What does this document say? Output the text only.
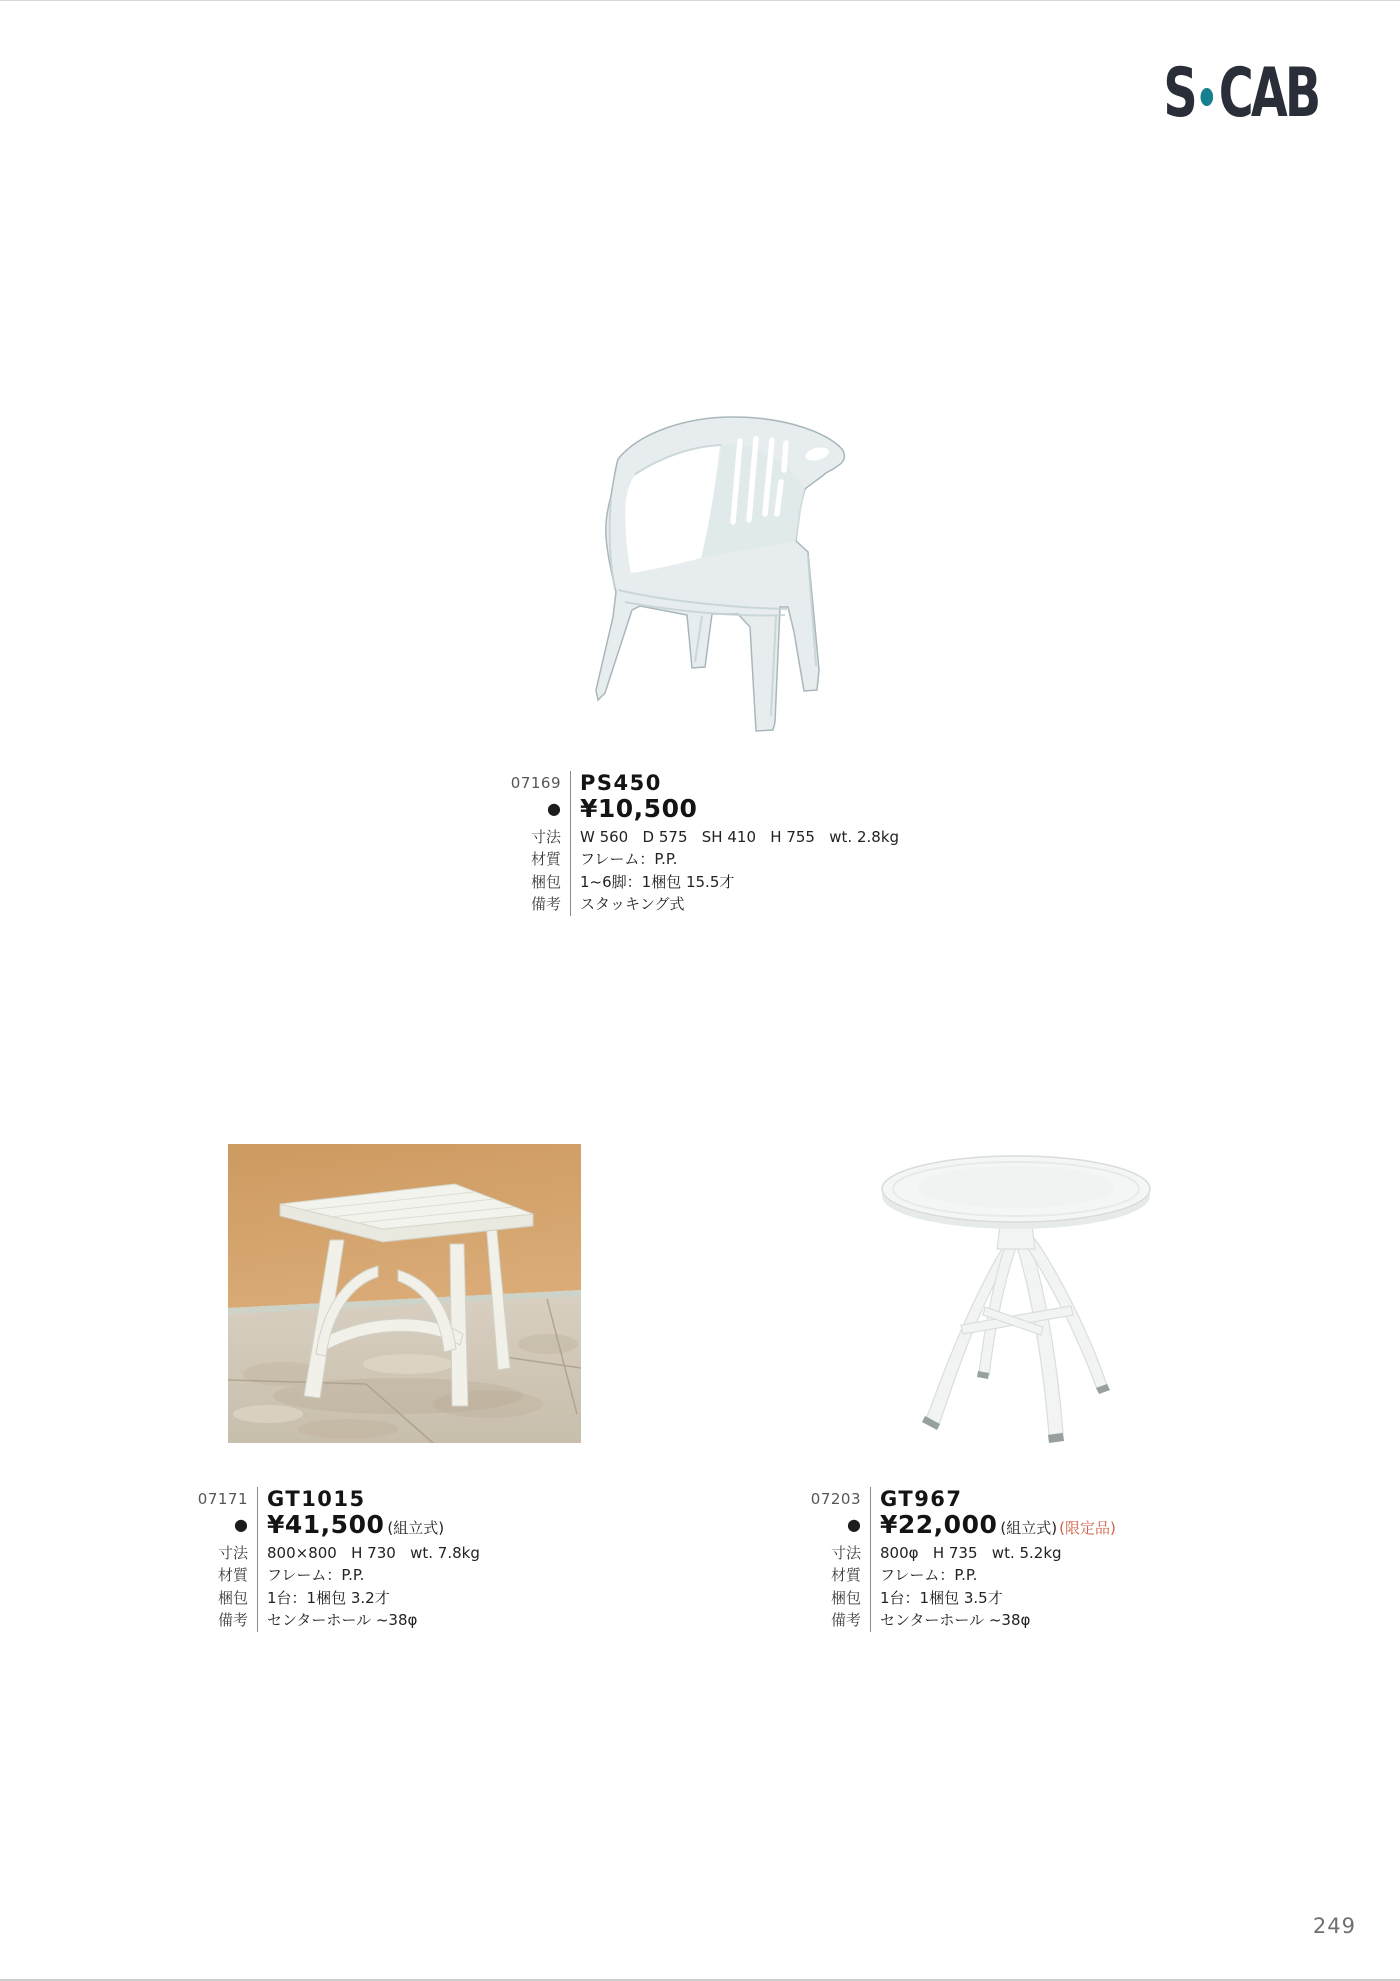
S CAB
07169 PS450
● ¥10,500
寸法	W 560   D 575   SH 410   H 755   wt. 2.8kg
材質	フレーム：P.P.
梱包	1~6脚：1梱包 15.5才
備考	スタッキング式
07171 GT1015
● ¥41,500 (組立式)
寸法	800×800   H 730   wt. 7.8kg
材質	フレーム：P.P.
梱包	1台：1梱包 3.2才
備考	センターホール ~38φ
07203 GT967
● ¥22,000 (組立式) (限定品)
寸法	800φ   H 735   wt. 5.2kg
材質	フレーム：P.P.
梱包	1台：1梱包 3.5才
備考	センターホール ~38φ
249
